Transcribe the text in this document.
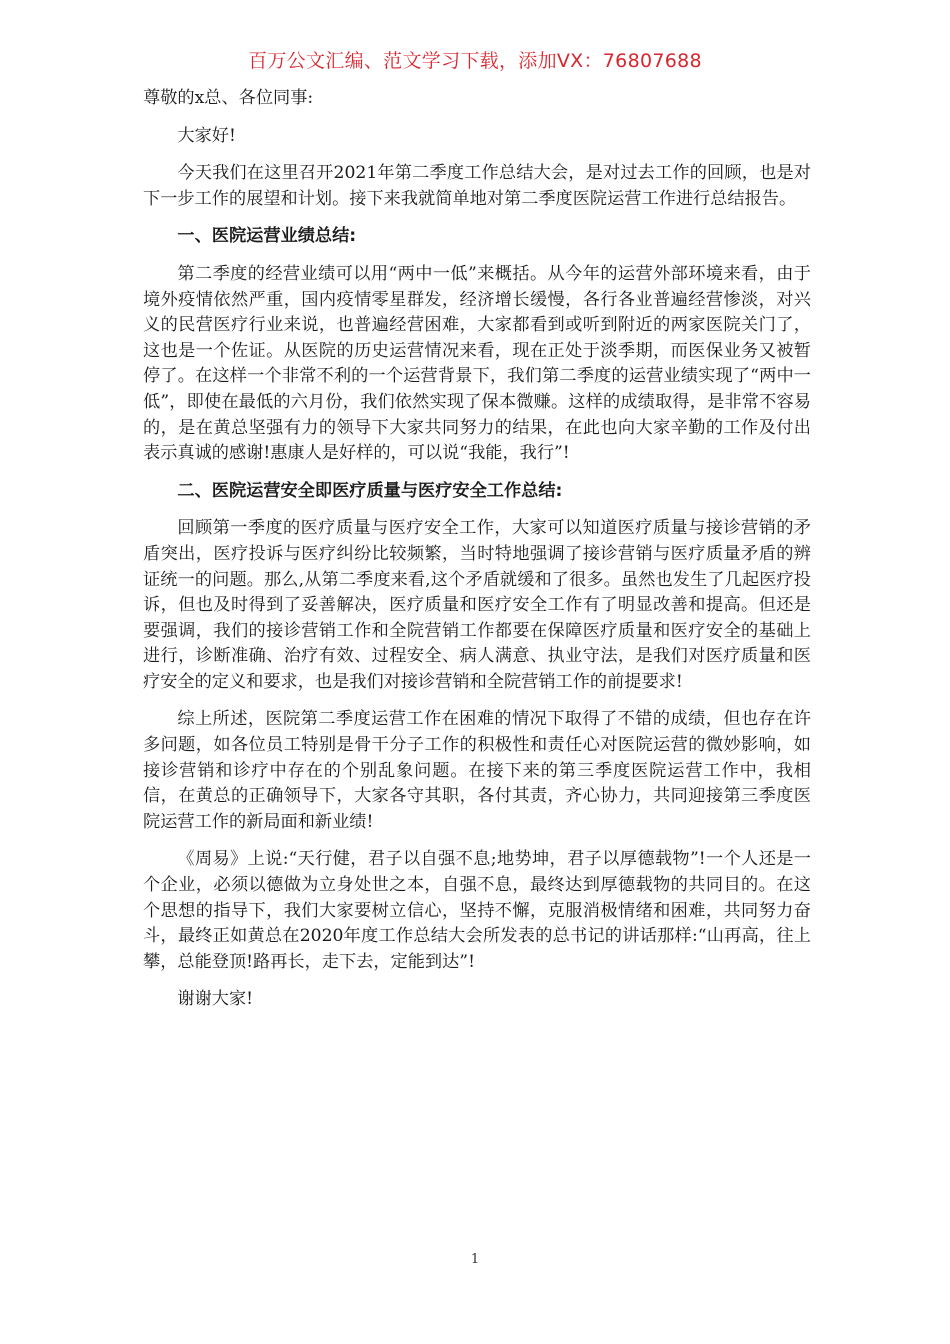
百万公文汇编、范文学习下载，添加VX：76807688

尊敬的x总、各位同事:

大家好!

今天我们在这里召开2021年第二季度工作总结大会，是对过去工作的回顾，也是对下一步工作的展望和计划。接下来我就简单地对第二季度医院运营工作进行总结报告。

一、医院运营业绩总结:

第二季度的经营业绩可以用“两中一低”来概括。从今年的运营外部环境来看，由于境外疫情依然严重，国内疫情零星群发，经济增长缓慢，各行各业普遍经营惨淡，对兴义的民营医疗行业来说，也普遍经营困难，大家都看到或听到附近的两家医院关门了，这也是一个佐证。从医院的历史运营情况来看，现在正处于淡季期，而医保业务又被暂停了。在这样一个非常不利的一个运营背景下，我们第二季度的运营业绩实现了“两中一低”，即使在最低的六月份，我们依然实现了保本微赚。这样的成绩取得，是非常不容易的，是在黄总坚强有力的领导下大家共同努力的结果，在此也向大家辛勤的工作及付出表示真诚的感谢!惠康人是好样的，可以说“我能，我行”!

二、医院运营安全即医疗质量与医疗安全工作总结:

回顾第一季度的医疗质量与医疗安全工作，大家可以知道医疗质量与接诊营销的矛盾突出，医疗投诉与医疗纠纷比较频繁，当时特地强调了接诊营销与医疗质量矛盾的辨证统一的问题。那么,从第二季度来看,这个矛盾就缓和了很多。虽然也发生了几起医疗投诉，但也及时得到了妥善解决，医疗质量和医疗安全工作有了明显改善和提高。但还是要强调，我们的接诊营销工作和全院营销工作都要在保障医疗质量和医疗安全的基础上进行，诊断准确、治疗有效、过程安全、病人满意、执业守法，是我们对医疗质量和医疗安全的定义和要求，也是我们对接诊营销和全院营销工作的前提要求!

综上所述，医院第二季度运营工作在困难的情况下取得了不错的成绩，但也存在许多问题，如各位员工特别是骨干分子工作的积极性和责任心对医院运营的微妙影响，如接诊营销和诊疗中存在的个别乱象问题。在接下来的第三季度医院运营工作中，我相信，在黄总的正确领导下，大家各守其职，各付其责，齐心协力，共同迎接第三季度医院运营工作的新局面和新业绩!

《周易》上说:“天行健，君子以自强不息;地势坤，君子以厚德载物”!一个人还是一个企业，必须以德做为立身处世之本，自强不息，最终达到厚德载物的共同目的。在这个思想的指导下，我们大家要树立信心，坚持不懈，克服消极情绪和困难，共同努力奋斗，最终正如黄总在2020年度工作总结大会所发表的总书记的讲话那样:“山再高，往上攀，总能登顶!路再长，走下去，定能到达”!

谢谢大家!

1
